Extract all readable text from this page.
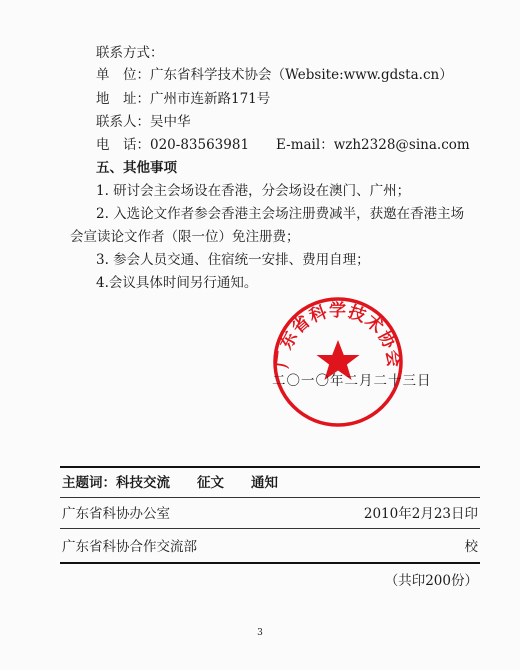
联系方式：
单　位：广东省科学技术协会（Website:www.gdsta.cn）
地　址：广州市连新路171号
联系人：吴中华
电　话：020-83563981　　E-mail：wzh2328@sina.com
五、其他事项
1. 研讨会主会场设在香港，分会场设在澳门、广州；
2. 入选论文作者参会香港主会场注册费减半，获邀在香港主场
会宣读论文作者（限一位）免注册费；
3. 参会人员交通、住宿统一安排、费用自理；
4.会议具体时间另行通知。
广东省科学技术协会
二〇一〇年二月二十三日
主题词：科技交流　　征文　　通知
广东省科协办公室	2010年2月23日印
广东省科协合作交流部	校
（共印200份）
3
